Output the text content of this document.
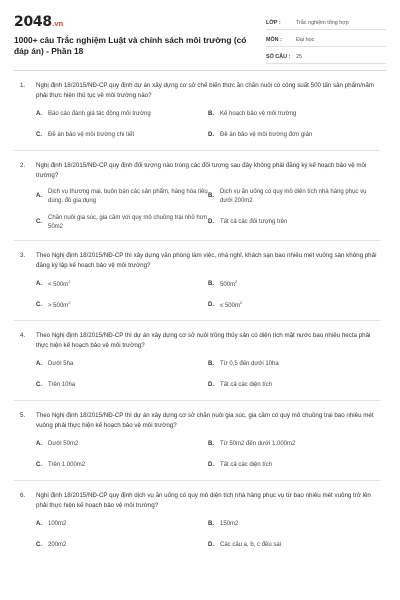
2048.vn
1000+ câu Trắc nghiệm Luật và chính sách môi trường (có đáp án) - Phần 18
LỚP :	Trắc nghiệm tổng hợp
MÔN :	Đại học
SỐ CÂU :	25
1.	Nghị định 18/2015/NĐ-CP quy định dự án xây dựng cơ sở chế biến thức ăn chăn nuôi có công suất 500 tấn sản phẩm/năm phải thực hiện thủ tục về môi trường nào?
A.	Báo cáo đánh giá tác động môi trường	B.	Kế hoạch bảo vệ môi trường
C.	Đề án bảo vệ môi trường chi tiết	D.	Đề án bảo vệ môi trường đơn giản
2.	Nghị định 18/2015/NĐ-CP quy định đối tượng nào trong các đối tượng sau đây không phải đăng ký kế hoạch bảo vệ môi trường?
A.
Dịch vụ thương mại, buôn bán các sản phẩm, hàng hóa tiêu dùng, đồ gia dụng
B.
Dịch vụ ăn uống có quy mô diện tích nhà hàng phục vụ dưới 200m2
C.
Chăn nuôi gia súc, gia cầm với quy mô chuồng trại nhỏ hơn 50m2
D.	Tất cả các đối tượng trên
3.	Theo Nghị định 18/2015/NĐ-CP thì xây dựng văn phòng làm việc, nhà nghỉ, khách sạn bao nhiêu mét vuông sàn không phải đăng ký lập kế hoạch bảo vệ môi trường?
A.	< $500m^2$	B.	$500m^2$
C.	> $500m^2$	D.	≤ $500m^2$
4.	Theo Nghị định 18/2015/NĐ-CP thì dự án xây dựng cơ sở nuôi trồng thủy sản có diện tích mặt nước bao nhiêu hecta phải thực hiện kế hoạch bảo vệ môi trường?
A.	Dưới 5ha	B.	Từ 0,5 đến dưới 10ha
C.	Trên 10ha	D.	Tất cả các diện tích
5.	Theo Nghị định 18/2015/NĐ-CP thì dự án xây dựng cơ sở chăn nuôi gia súc, gia cầm có quy mô chuồng trại bao nhiêu mét vuông phải thực hiện kế hoạch bảo vệ môi trường?
A.	Dưới 50m2	B.	Từ 50m2 đến dưới 1.000m2
C.	Trên 1.000m2	D.	Tất cả các diện tích
6.	Nghị định 18/2015/NĐ-CP quy định dịch vụ ăn uống có quy mô diện tích nhà hàng phục vụ từ bao nhiêu mét vuông trở lên phải thực hiện kế hoạch bảo vệ môi trường?
A.	100m2	B.	150m2
C.	200m2	D.	Các câu a, b, c đều sai
